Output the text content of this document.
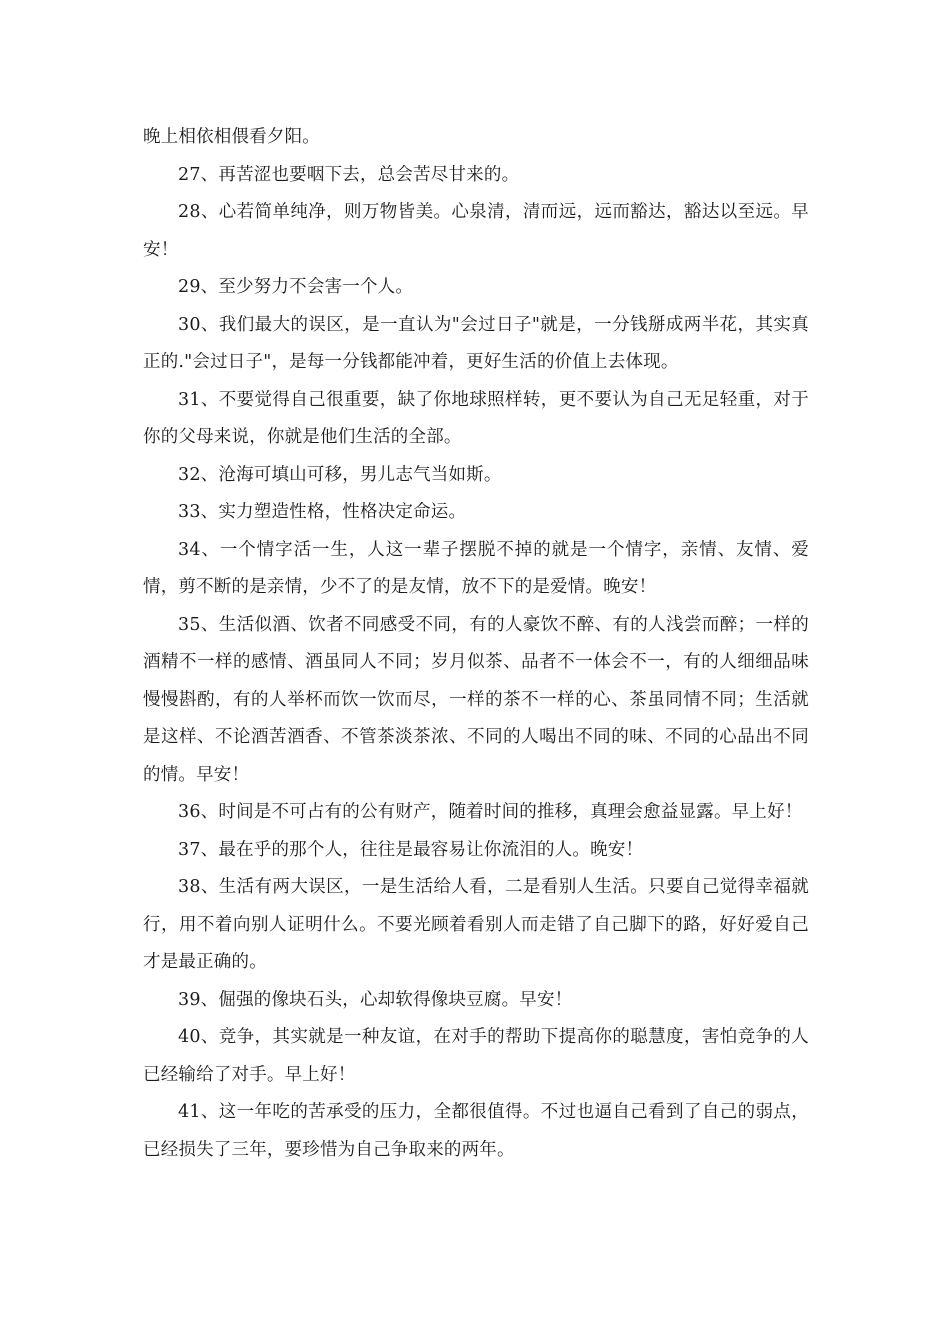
晚上相依相偎看夕阳。

27、再苦涩也要咽下去，总会苦尽甘来的。

28、心若简单纯净，则万物皆美。心泉清，清而远，远而豁达，豁达以至远。早安！

29、至少努力不会害一个人。

30、我们最大的误区，是一直认为"会过日子"就是，一分钱掰成两半花，其实真正的."会过日子"，是每一分钱都能冲着，更好生活的价值上去体现。

31、不要觉得自己很重要，缺了你地球照样转，更不要认为自己无足轻重，对于你的父母来说，你就是他们生活的全部。

32、沧海可填山可移，男儿志气当如斯。

33、实力塑造性格，性格决定命运。

34、一个情字活一生，人这一辈子摆脱不掉的就是一个情字，亲情、友情、爱情，剪不断的是亲情，少不了的是友情，放不下的是爱情。晚安！

35、生活似酒、饮者不同感受不同，有的人豪饮不醉、有的人浅尝而醉；一样的酒精不一样的感情、酒虽同人不同；岁月似茶、品者不一体会不一，有的人细细品味慢慢斟酌，有的人举杯而饮一饮而尽，一样的茶不一样的心、茶虽同情不同；生活就是这样、不论酒苦酒香、不管茶淡茶浓、不同的人喝出不同的味、不同的心品出不同的情。早安！

36、时间是不可占有的公有财产，随着时间的推移，真理会愈益显露。早上好！

37、最在乎的那个人，往往是最容易让你流泪的人。晚安！

38、生活有两大误区，一是生活给人看，二是看别人生活。只要自己觉得幸福就行，用不着向别人证明什么。不要光顾着看别人而走错了自己脚下的路，好好爱自己才是最正确的。

39、倔强的像块石头，心却软得像块豆腐。早安！

40、竞争，其实就是一种友谊，在对手的帮助下提高你的聪慧度，害怕竞争的人已经输给了对手。早上好！

41、这一年吃的苦承受的压力，全都很值得。不过也逼自己看到了自己的弱点，已经损失了三年，要珍惜为自己争取来的两年。
